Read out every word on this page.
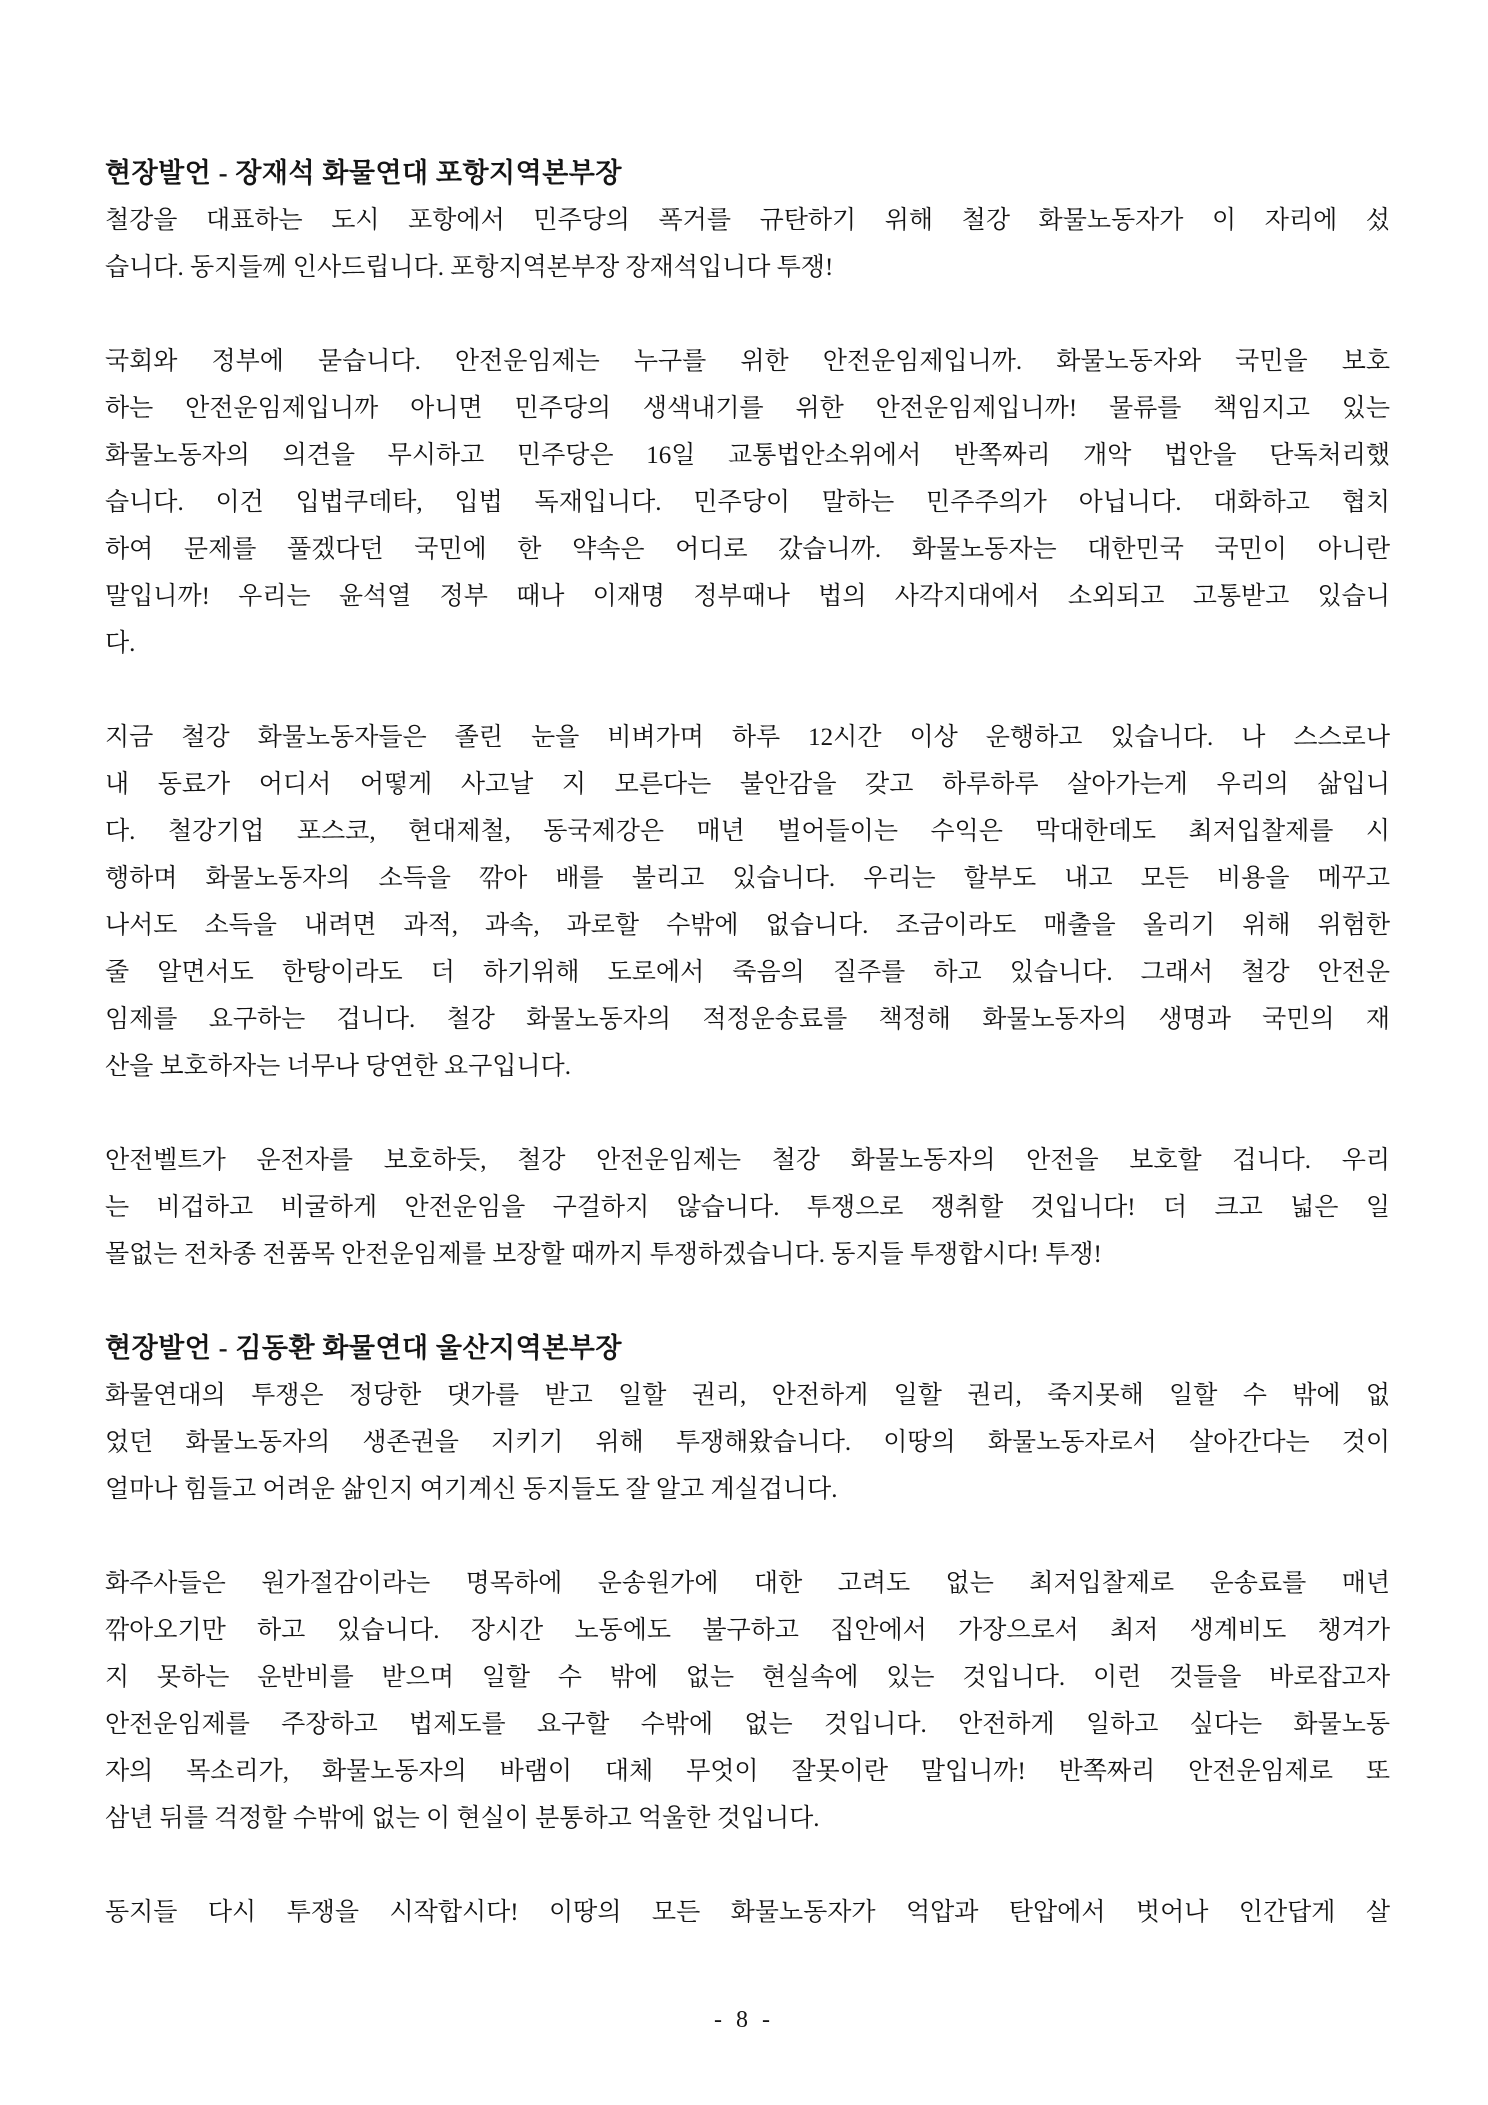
현장발언 - 장재석 화물연대 포항지역본부장
철강을 대표하는 도시 포항에서 민주당의 폭거를 규탄하기 위해 철강 화물노동자가 이 자리에 섰
습니다. 동지들께 인사드립니다. 포항지역본부장 장재석입니다 투쟁!
국회와 정부에 묻습니다. 안전운임제는 누구를 위한 안전운임제입니까. 화물노동자와 국민을 보호
하는 안전운임제입니까 아니면 민주당의 생색내기를 위한 안전운임제입니까! 물류를 책임지고 있는
화물노동자의 의견을 무시하고 민주당은 16일 교통법안소위에서 반쪽짜리 개악 법안을 단독처리했
습니다. 이건 입법쿠데타, 입법 독재입니다. 민주당이 말하는 민주주의가 아닙니다. 대화하고 협치
하여 문제를 풀겠다던 국민에 한 약속은 어디로 갔습니까. 화물노동자는 대한민국 국민이 아니란
말입니까! 우리는 윤석열 정부 때나 이재명 정부때나 법의 사각지대에서 소외되고 고통받고 있습니
다.
지금 철강 화물노동자들은 졸린 눈을 비벼가며 하루 12시간 이상 운행하고 있습니다. 나 스스로나
내 동료가 어디서 어떻게 사고날 지 모른다는 불안감을 갖고 하루하루 살아가는게 우리의 삶입니
다. 철강기업 포스코, 현대제철, 동국제강은 매년 벌어들이는 수익은 막대한데도 최저입찰제를 시
행하며 화물노동자의 소득을 깎아 배를 불리고 있습니다. 우리는 할부도 내고 모든 비용을 메꾸고
나서도 소득을 내려면 과적, 과속, 과로할 수밖에 없습니다. 조금이라도 매출을 올리기 위해 위험한
줄 알면서도 한탕이라도 더 하기위해 도로에서 죽음의 질주를 하고 있습니다. 그래서 철강 안전운
임제를 요구하는 겁니다. 철강 화물노동자의 적정운송료를 책정해 화물노동자의 생명과 국민의 재
산을 보호하자는 너무나 당연한 요구입니다.
안전벨트가 운전자를 보호하듯, 철강 안전운임제는 철강 화물노동자의 안전을 보호할 겁니다. 우리
는 비겁하고 비굴하게 안전운임을 구걸하지 않습니다. 투쟁으로 쟁취할 것입니다! 더 크고 넓은 일
몰없는 전차종 전품목 안전운임제를 보장할 때까지 투쟁하겠습니다. 동지들 투쟁합시다! 투쟁!
현장발언 - 김동환 화물연대 울산지역본부장
화물연대의 투쟁은 정당한 댓가를 받고 일할 권리, 안전하게 일할 권리, 죽지못해 일할 수 밖에 없
었던 화물노동자의 생존권을 지키기 위해 투쟁해왔습니다. 이땅의 화물노동자로서 살아간다는 것이
얼마나 힘들고 어려운 삶인지 여기계신 동지들도 잘 알고 계실겁니다.
화주사들은 원가절감이라는 명목하에 운송원가에 대한 고려도 없는 최저입찰제로 운송료를 매년
깎아오기만 하고 있습니다. 장시간 노동에도 불구하고 집안에서 가장으로서 최저 생계비도 챙겨가
지 못하는 운반비를 받으며 일할 수 밖에 없는 현실속에 있는 것입니다. 이런 것들을 바로잡고자
안전운임제를 주장하고 법제도를 요구할 수밖에 없는 것입니다. 안전하게 일하고 싶다는 화물노동
자의 목소리가, 화물노동자의 바램이 대체 무엇이 잘못이란 말입니까! 반쪽짜리 안전운임제로 또
삼년 뒤를 걱정할 수밖에 없는 이 현실이 분통하고 억울한 것입니다.
동지들 다시 투쟁을 시작합시다! 이땅의 모든 화물노동자가 억압과 탄압에서 벗어나 인간답게 살
- 8 -
